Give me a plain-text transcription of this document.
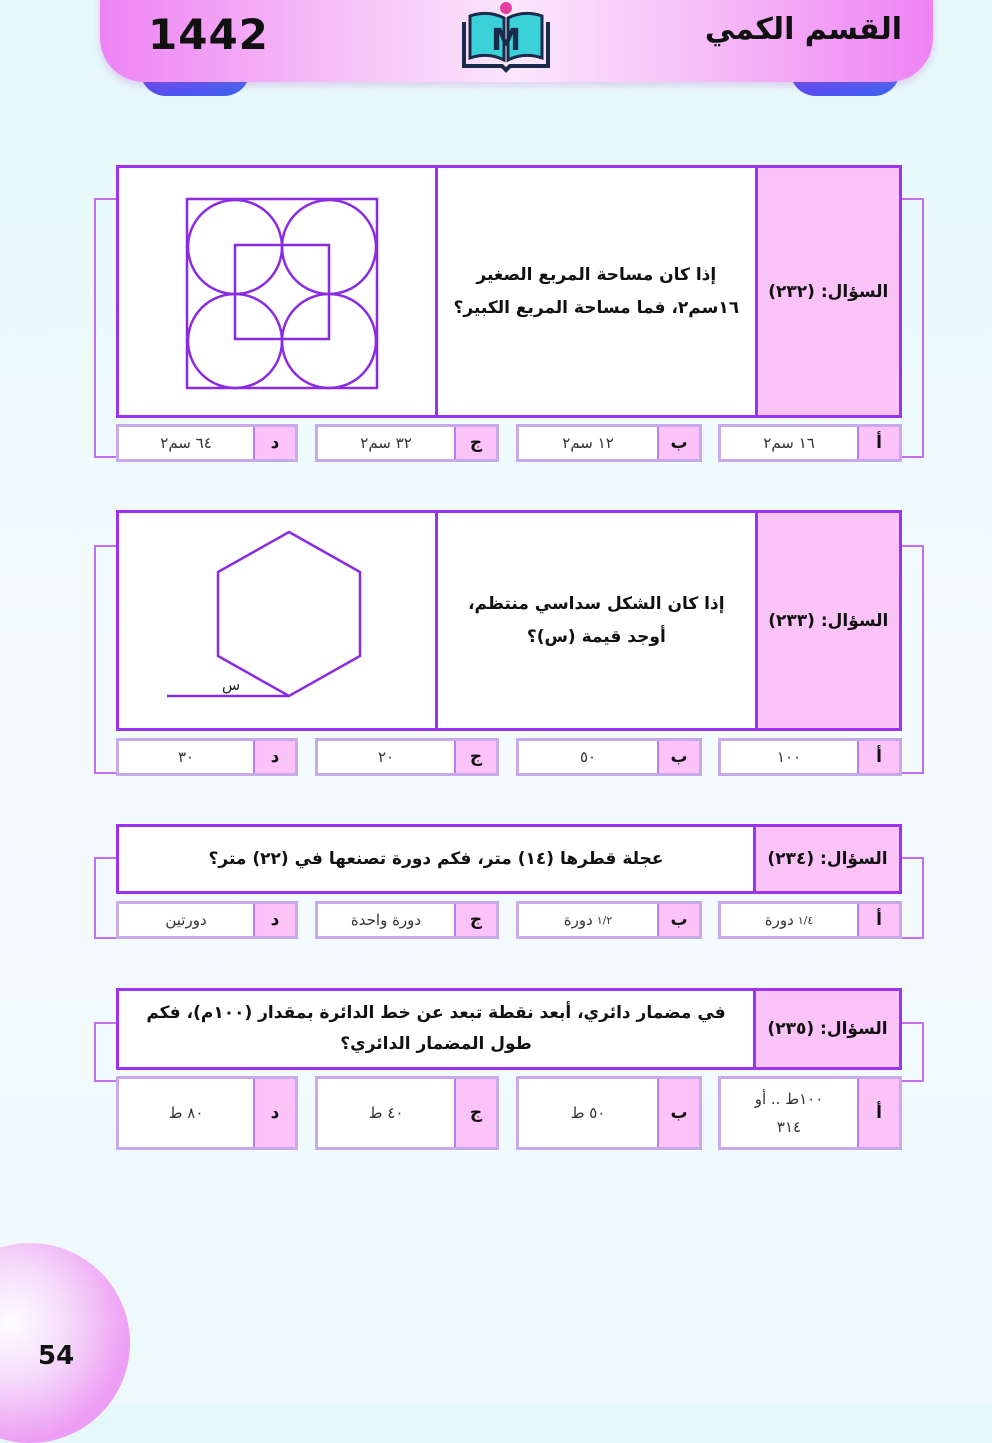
1442	القسم الكمي
M
السؤال: (٢٣٢)
إذا كان مساحة المربع الصغير
١٦سم٢، فما مساحة المربع الكبير؟
أ
١٦ سم٢
ب
١٢ سم٢
ج
٣٢ سم٢
د
٦٤ سم٢
السؤال: (٢٣٣)
إذا كان الشكل سداسي منتظم،
أوجد قيمة (س)؟
س
أ
١٠٠
ب
٥٠
ج
٢٠
د
٣٠
السؤال: (٢٣٤)
عجلة قطرها (١٤) متر، فكم دورة تصنعها في (٢٢) متر؟
أ
١/٤
دورة
ب
١/٢
دورة
ج
دورة واحدة
د
دورتين
السؤال: (٢٣٥)
في مضمار دائري، أبعد نقطة تبعد عن خط الدائرة بمقدار (١٠٠م)، فكم
طول المضمار الدائري؟
أ
١٠٠ط .. أو
٣١٤
ب
٥٠ ط
ج
٤٠ ط
د
٨٠ ط
54
